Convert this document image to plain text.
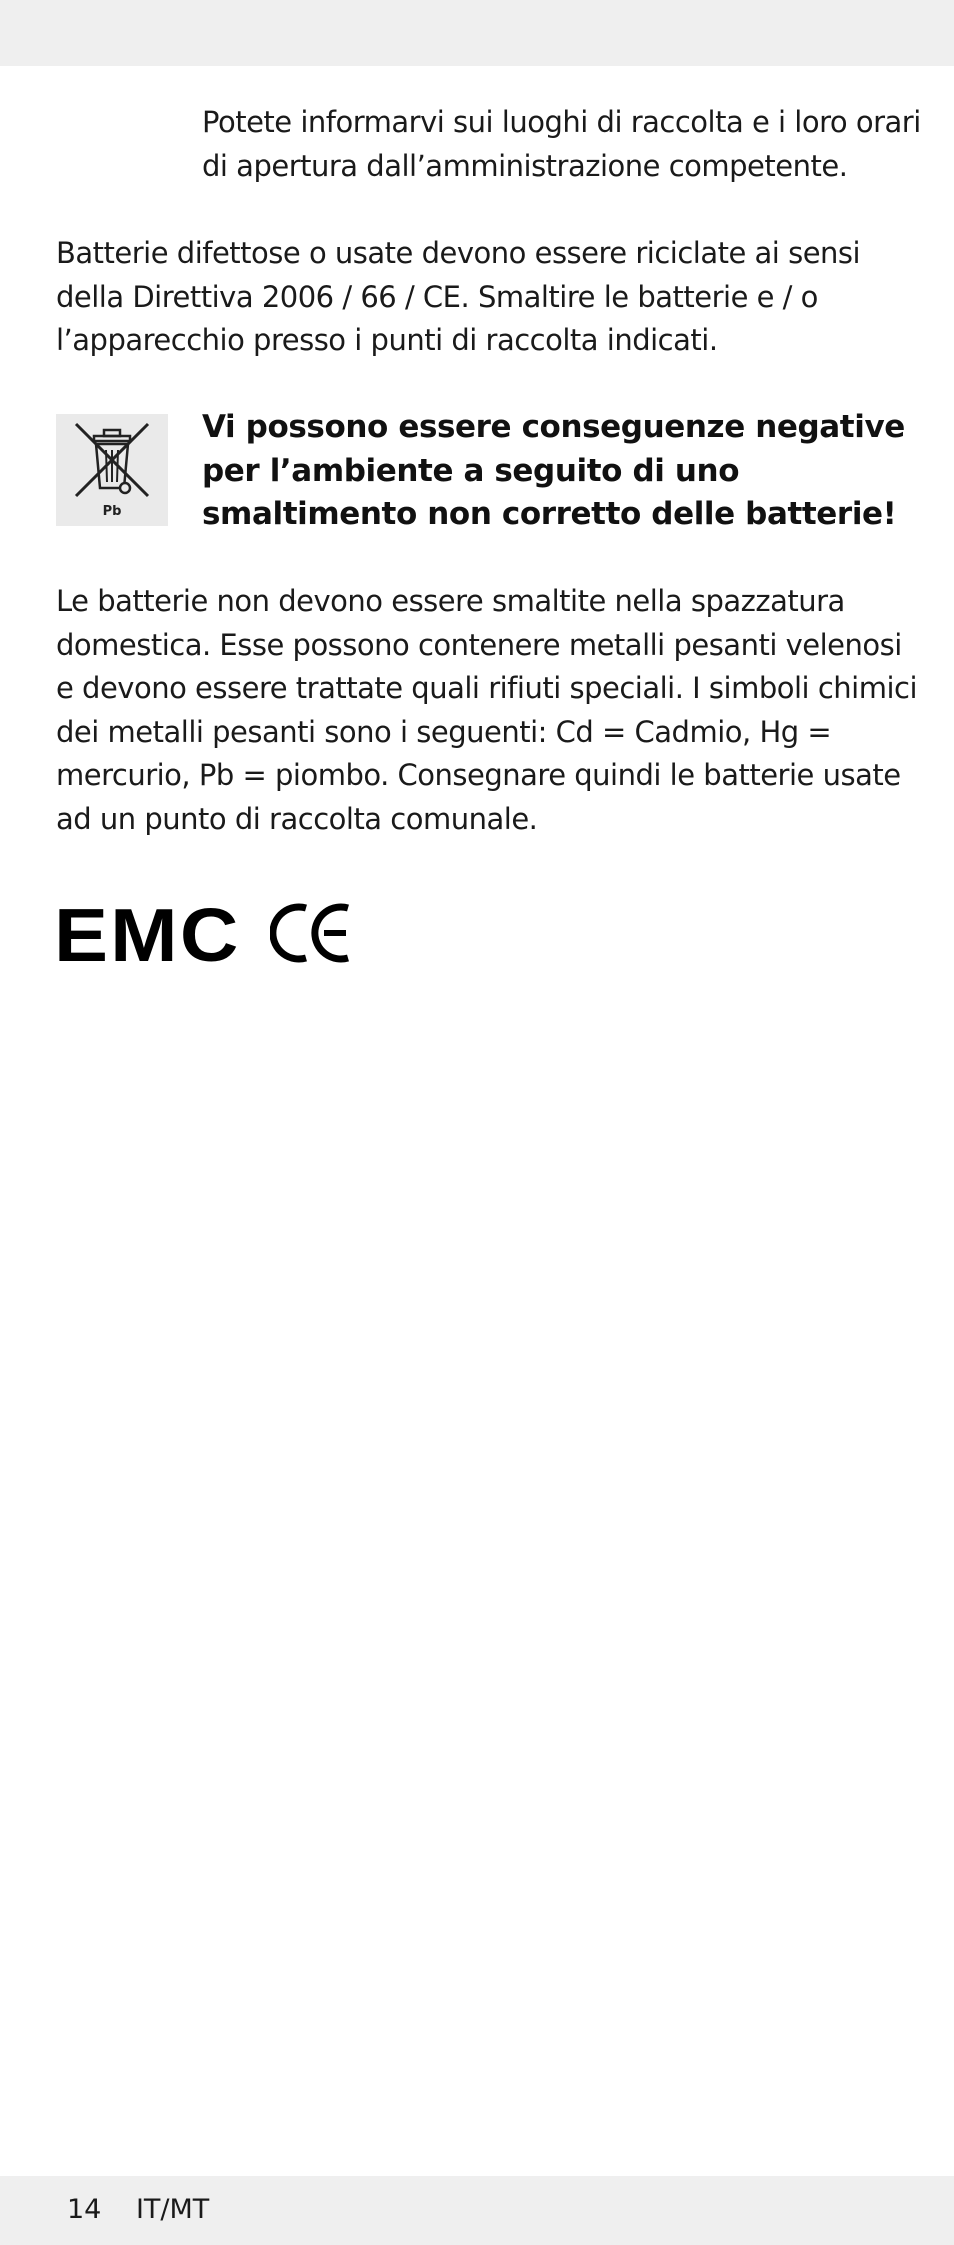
Potete informarvi sui luoghi di raccolta e i loro orari di apertura dall’amministrazione competente.

Batterie difettose o usate devono essere riciclate ai sensi della Direttiva 2006 / 66 / CE. Smaltire le batterie e / o l’apparecchio presso i punti di raccolta indicati.

Pb

Vi possono essere conseguenze negative per l’ambiente a seguito di uno smaltimento non corretto delle batterie!

Le batterie non devono essere smaltite nella spazzatura domestica. Esse possono contenere metalli pesanti velenosi e devono essere trattate quali rifiuti speciali. I simboli chimici dei metalli pesanti sono i seguenti: Cd = Cadmio, Hg = mercurio, Pb = piombo. Consegnare quindi le batterie usate ad un punto di raccolta comunale.

EMC
14 IT/MT
